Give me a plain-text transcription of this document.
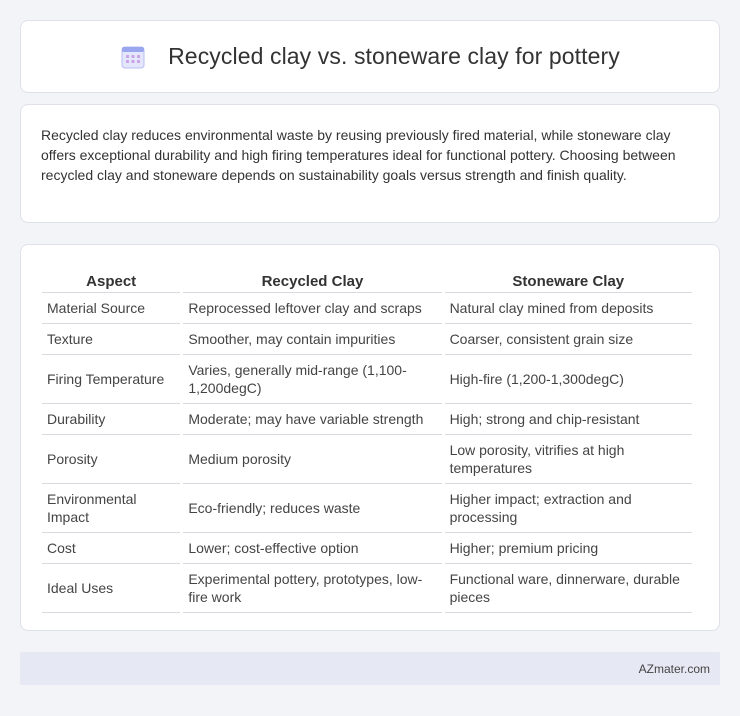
Recycled clay vs. stoneware clay for pottery

Recycled clay reduces environmental waste by reusing previously fired material, while stoneware clay offers exceptional durability and high firing temperatures ideal for functional pottery. Choosing between recycled clay and stoneware depends on sustainability goals versus strength and finish quality.

Aspect	Recycled Clay	Stoneware Clay
Material Source	Reprocessed leftover clay and scraps	Natural clay mined from deposits
Texture	Smoother, may contain impurities	Coarser, consistent grain size
Firing Temperature	Varies, generally mid-range (1,100-1,200degC)	High-fire (1,200-1,300degC)
Durability	Moderate; may have variable strength	High; strong and chip-resistant
Porosity	Medium porosity	Low porosity, vitrifies at high temperatures
Environmental Impact	Eco-friendly; reduces waste	Higher impact; extraction and processing
Cost	Lower; cost-effective option	Higher; premium pricing
Ideal Uses	Experimental pottery, prototypes, low-fire work	Functional ware, dinnerware, durable pieces
AZmater.com
